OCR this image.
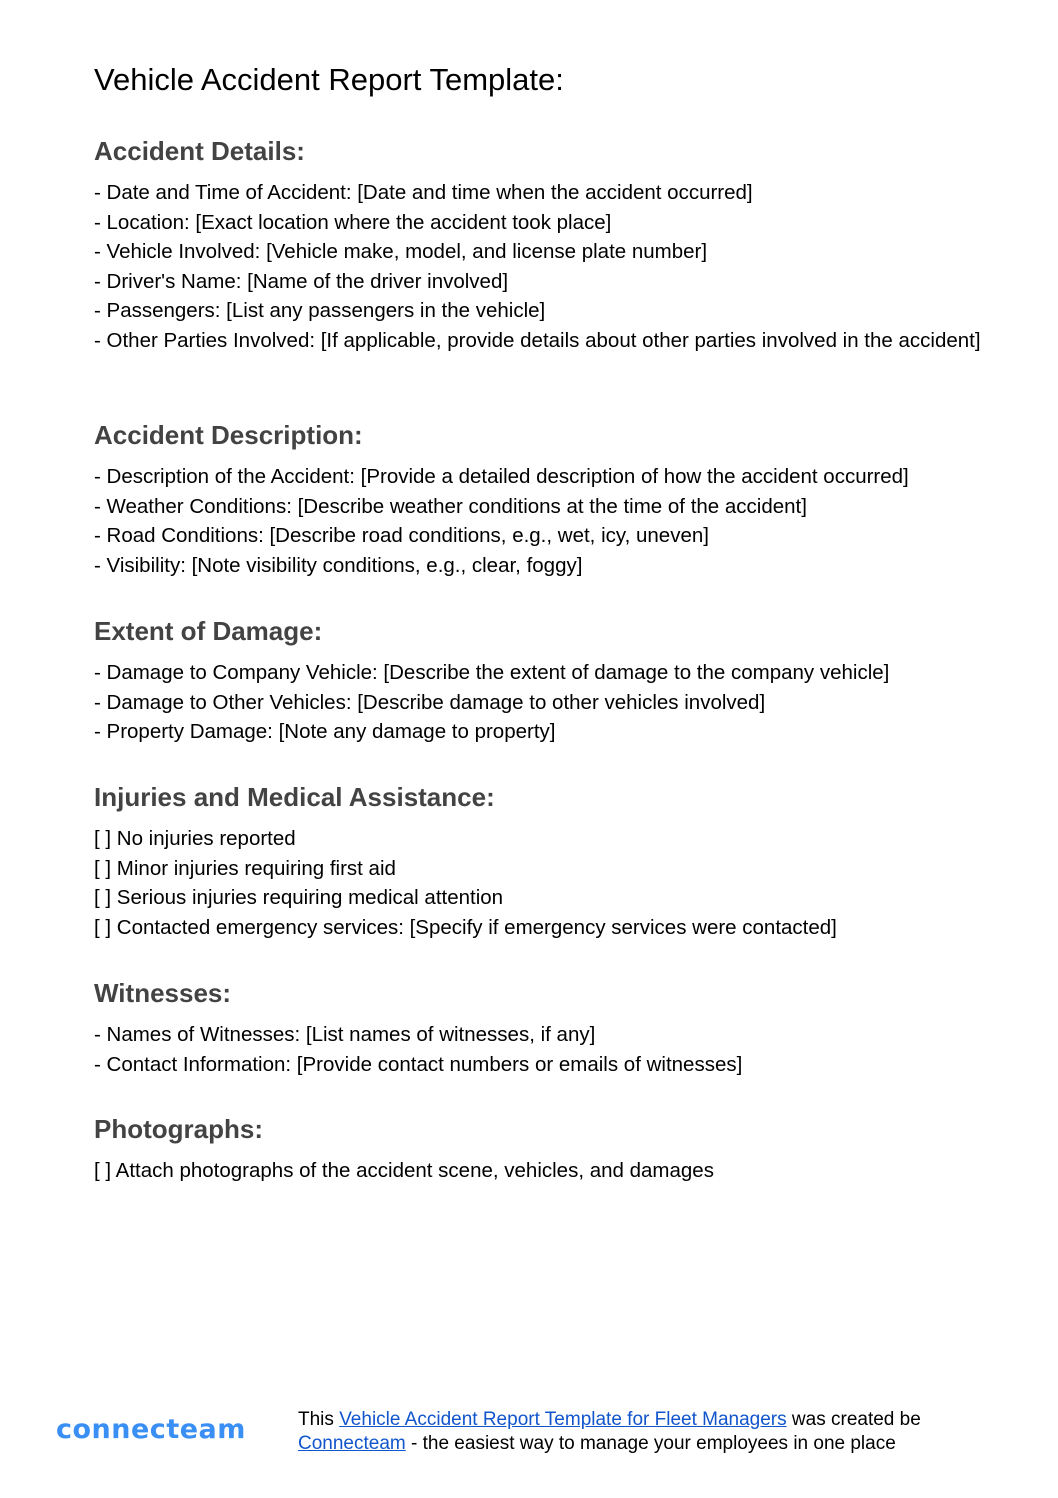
Vehicle Accident Report Template:
Accident Details:

- Date and Time of Accident: [Date and time when the accident occurred]

- Location: [Exact location where the accident took place]

- Vehicle Involved: [Vehicle make, model, and license plate number]

- Driver's Name: [Name of the driver involved]

- Passengers: [List any passengers in the vehicle]

- Other Parties Involved: [If applicable, provide details about other parties involved in the accident]

Accident Description:

- Description of the Accident: [Provide a detailed description of how the accident occurred]

- Weather Conditions: [Describe weather conditions at the time of the accident]

- Road Conditions: [Describe road conditions, e.g., wet, icy, uneven]

- Visibility: [Note visibility conditions, e.g., clear, foggy]

Extent of Damage:

- Damage to Company Vehicle: [Describe the extent of damage to the company vehicle]

- Damage to Other Vehicles: [Describe damage to other vehicles involved]

- Property Damage: [Note any damage to property]

Injuries and Medical Assistance:

[ ] No injuries reported

[ ] Minor injuries requiring first aid

[ ] Serious injuries requiring medical attention

[ ] Contacted emergency services: [Specify if emergency services were contacted]

Witnesses:

- Names of Witnesses: [List names of witnesses, if any]

- Contact Information: [Provide contact numbers or emails of witnesses]

Photographs:

[ ] Attach photographs of the accident scene, vehicles, and damages

connecteam	This Vehicle Accident Report Template for Fleet Managers was created be
Connecteam - the easiest way to manage your employees in one place
